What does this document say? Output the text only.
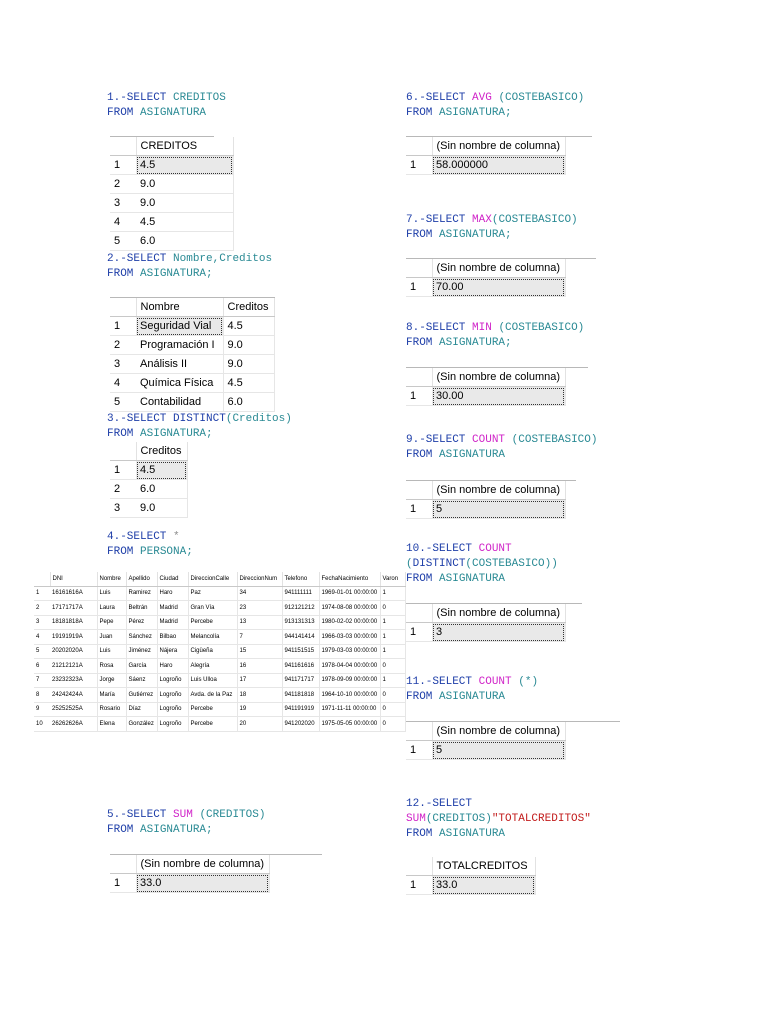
1.-SELECT CREDITOS
FROM ASIGNATURA
2.-SELECT Nombre,Creditos
FROM ASIGNATURA;
3.-SELECT DISTINCT(Creditos)
FROM ASIGNATURA;
4.-SELECT *
FROM PERSONA;
5.-SELECT SUM (CREDITOS)
FROM ASIGNATURA;
6.-SELECT AVG (COSTEBASICO)
FROM ASIGNATURA;
7.-SELECT MAX(COSTEBASICO)
FROM ASIGNATURA;
8.-SELECT MIN (COSTEBASICO)
FROM ASIGNATURA;
9.-SELECT COUNT (COSTEBASICO)
FROM ASIGNATURA
10.-SELECT COUNT
(DISTINCT(COSTEBASICO))
FROM ASIGNATURA
11.-SELECT COUNT (*)
FROM ASIGNATURA
12.-SELECT
SUM(CREDITOS)"TOTALCREDITOS"
FROM ASIGNATURA
	CREDITOS
1	4.5
2	9.0
3	9.0
4	4.5
5	6.0
	Nombre	Creditos
1	Seguridad Vial	4.5
2	Programación I	9.0
3	Análisis II	9.0
4	Química Física	4.5
5	Contabilidad	6.0
	Creditos
1	4.5
2	6.0
3	9.0
	DNI	Nombre	Apellido	Ciudad	DireccionCalle	DireccionNum	Telefono	FechaNacimiento	Varon
1	16161616A	Luis	Ramirez	Haro	Paz	34	941111111	1969-01-01 00:00:00	1
2	17171717A	Laura	Beltrán	Madrid	Gran Vía	23	912121212	1974-08-08 00:00:00	0
3	18181818A	Pepe	Pérez	Madrid	Percebe	13	913131313	1980-02-02 00:00:00	1
4	19191919A	Juan	Sánchez	Bilbao	Melancolía	7	944141414	1966-03-03 00:00:00	1
5	20202020A	Luis	Jiménez	Nájera	Cigüeña	15	941151515	1979-03-03 00:00:00	1
6	21212121A	Rosa	García	Haro	Alegría	16	941161616	1978-04-04 00:00:00	0
7	23232323A	Jorge	Sáenz	Logroño	Luis Ulloa	17	941171717	1978-09-09 00:00:00	1
8	24242424A	María	Gutiérrez	Logroño	Avda. de la Paz	18	941181818	1964-10-10 00:00:00	0
9	25252525A	Rosario	Díaz	Logroño	Percebe	19	941191919	1971-11-11 00:00:00	0
10	26262626A	Elena	González	Logroño	Percebe	20	941202020	1975-05-05 00:00:00	0
	(Sin nombre de columna)
1	33.0
	(Sin nombre de columna)
1	58.000000
	(Sin nombre de columna)
1	70.00
	(Sin nombre de columna)
1	30.00
	(Sin nombre de columna)
1	5
	(Sin nombre de columna)
1	3
	(Sin nombre de columna)
1	5
	TOTALCREDITOS
1	33.0
